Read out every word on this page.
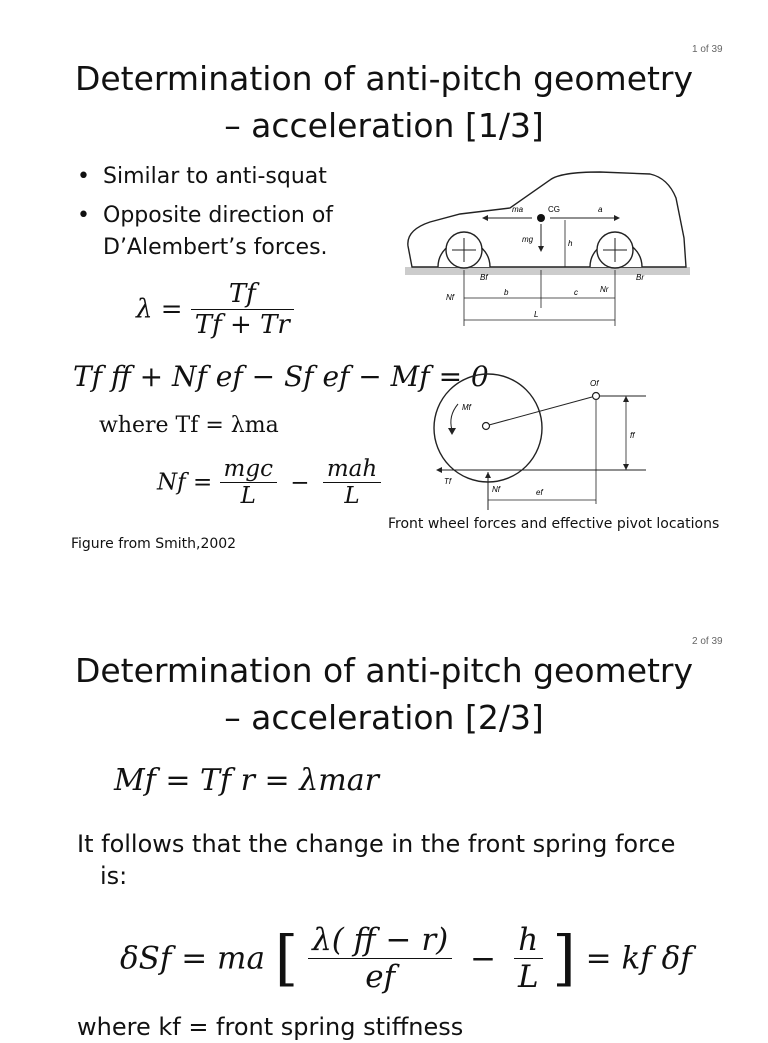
1 of 39
Determination of anti-pitch geometry
– acceleration [1/3]
• Similar to anti-squat
• Opposite direction of
D’Alembert’s forces.
$\lambda = \frac{Tf}{Tf + Tr}$
Tf ff + Nf ef − Sf ef − Mf = 0
where Tf = λma
$Nf = \frac{\text{mgc}}{L} - \frac{\text{mah}}{L}$
CG
ma	a
mg	h
Bf	Br
Nf
Nr
b	c
L
Of
Mf
ff
Tf
Nf	ef
Front wheel forces and effective pivot locations
Figure from Smith,2002
2 of 39
Determination of anti-pitch geometry
– acceleration [2/3]
Mf = Tf r = λmar
It follows that the change in the front spring force
is:
δSf = ma [ $\frac{\lambda( ff - r)}{ef} - \frac{h}{L}$ ] = kf δf
where kf = front spring stiffness
